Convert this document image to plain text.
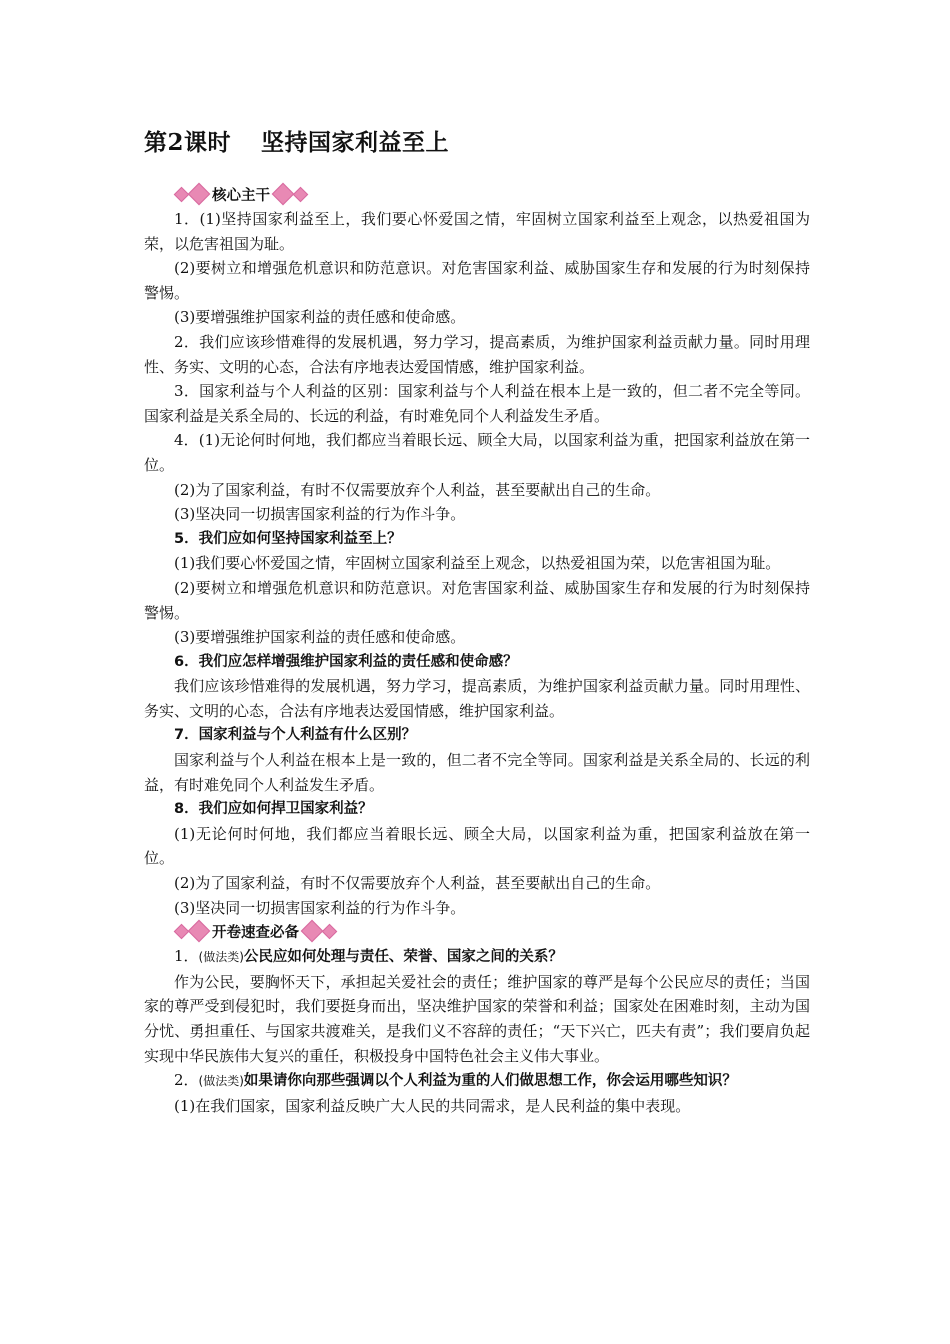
第2课时 坚持国家利益至上
核心主干

1．(1)坚持国家利益至上，我们要心怀爱国之情，牢固树立国家利益至上观念，以热爱祖国为荣，以危害祖国为耻。

(2)要树立和增强危机意识和防范意识。对危害国家利益、威胁国家生存和发展的行为时刻保持警惕。

(3)要增强维护国家利益的责任感和使命感。

2．我们应该珍惜难得的发展机遇，努力学习，提高素质，为维护国家利益贡献力量。同时用理性、务实、文明的心态，合法有序地表达爱国情感，维护国家利益。

3．国家利益与个人利益的区别：国家利益与个人利益在根本上是一致的，但二者不完全等同。国家利益是关系全局的、长远的利益，有时难免同个人利益发生矛盾。

4．(1)无论何时何地，我们都应当着眼长远、顾全大局，以国家利益为重，把国家利益放在第一位。

(2)为了国家利益，有时不仅需要放弃个人利益，甚至要献出自己的生命。

(3)坚决同一切损害国家利益的行为作斗争。

5．我们应如何坚持国家利益至上？

(1)我们要心怀爱国之情，牢固树立国家利益至上观念，以热爱祖国为荣，以危害祖国为耻。

(2)要树立和增强危机意识和防范意识。对危害国家利益、威胁国家生存和发展的行为时刻保持警惕。

(3)要增强维护国家利益的责任感和使命感。

6．我们应怎样增强维护国家利益的责任感和使命感？

我们应该珍惜难得的发展机遇，努力学习，提高素质，为维护国家利益贡献力量。同时用理性、务实、文明的心态，合法有序地表达爱国情感，维护国家利益。

7．国家利益与个人利益有什么区别？

国家利益与个人利益在根本上是一致的，但二者不完全等同。国家利益是关系全局的、长远的利益，有时难免同个人利益发生矛盾。

8．我们应如何捍卫国家利益？

(1)无论何时何地，我们都应当着眼长远、顾全大局，以国家利益为重，把国家利益放在第一位。

(2)为了国家利益，有时不仅需要放弃个人利益，甚至要献出自己的生命。

(3)坚决同一切损害国家利益的行为作斗争。

开卷速查必备

1．(做法类)公民应如何处理与责任、荣誉、国家之间的关系？

作为公民，要胸怀天下，承担起关爱社会的责任；维护国家的尊严是每个公民应尽的责任；当国家的尊严受到侵犯时，我们要挺身而出，坚决维护国家的荣誉和利益；国家处在困难时刻，主动为国分忧、勇担重任、与国家共渡难关，是我们义不容辞的责任；“天下兴亡，匹夫有责”；我们要肩负起实现中华民族伟大复兴的重任，积极投身中国特色社会主义伟大事业。

2．(做法类)如果请你向那些强调以个人利益为重的人们做思想工作，你会运用哪些知识？

(1)在我们国家，国家利益反映广大人民的共同需求，是人民利益的集中表现。
